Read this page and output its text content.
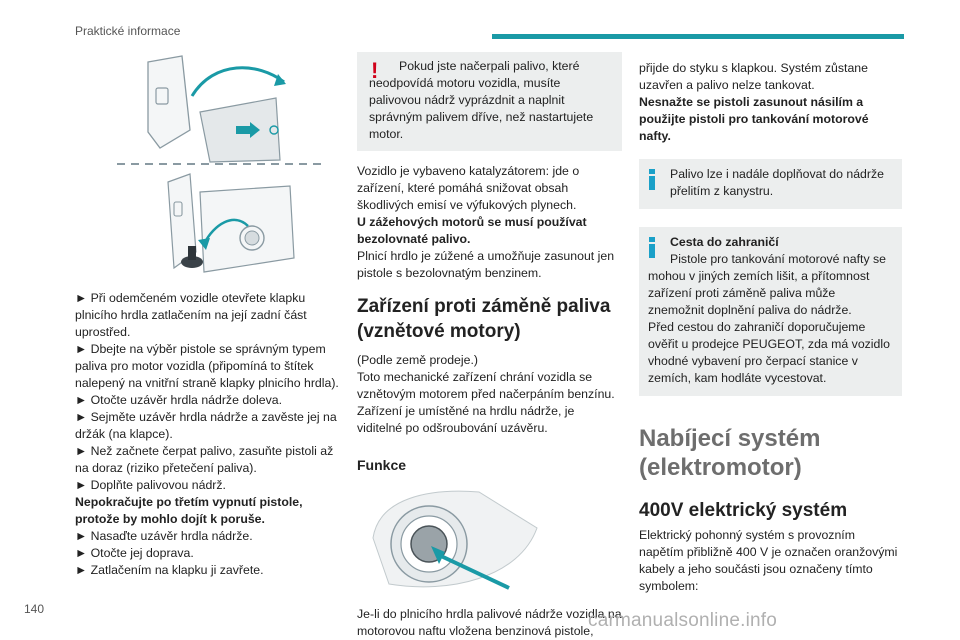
Praktické informace

► Při odemčeném vozidle otevřete klapku plnicího hrdla zatlačením na její zadní část uprostřed.

► Dbejte na výběr pistole se správným typem paliva pro motor vozidla (připomíná to štítek nalepený na vnitřní straně klapky plnicího hrdla).

► Otočte uzávěr hrdla nádrže doleva.

► Sejměte uzávěr hrdla nádrže a zavěste jej na držák (na klapce).

► Než začnete čerpat palivo, zasuňte pistoli až na doraz (riziko přetečení paliva).

► Doplňte palivovou nádrž.

Nepokračujte po třetím vypnutí pistole, protože by mohlo dojít k poruše.

► Nasaďte uzávěr hrdla nádrže.

► Otočte jej doprava.

► Zatlačením na klapku ji zavřete.

!	Pokud jste načerpali palivo, které neodpovídá motoru vozidla, musíte palivovou nádrž vyprázdnit a naplnit správným palivem dříve, než nastartujete motor.

Vozidlo je vybaveno katalyzátorem: jde o zařízení, které pomáhá snižovat obsah škodlivých emisí ve výfukových plynech.

U zážehových motorů se musí používat bezolovnaté palivo.

Plnicí hrdlo je zúžené a umožňuje zasunout jen pistole s bezolovnatým benzinem.

Zařízení proti záměně paliva (vznětové motory)

(Podle země prodeje.)
Toto mechanické zařízení chrání vozidla se vznětovým motorem před načerpáním benzínu. Zařízení je umístěné na hrdlu nádrže, je viditelné po odšroubování uzávěru.

Funkce

Je-li do plnicího hrdla palivové nádrže vozidla na motorovou naftu vložena benzinová pistole,

přijde do styku s klapkou. Systém zůstane uzavřen a palivo nelze tankovat.

Nesnažte se pistoli zasunout násilím a použijte pistoli pro tankování motorové nafty.

Palivo lze i nadále doplňovat do nádrže přelitím z kanystru.

Cesta do zahraničí

Pistole pro tankování motorové nafty se mohou v jiných zemích lišit, a přítomnost zařízení proti záměně paliva může znemožnit doplnění paliva do nádrže.
Před cestou do zahraničí doporučujeme ověřit u prodejce PEUGEOT, zda má vozidlo vhodné vybavení pro čerpací stanice v zemích, kam hodláte vycestovat.

Nabíjecí systém (elektromotor)
400V elektrický systém

Elektrický pohonný systém s provozním napětím přibližně 400 V je označen oranžovými kabely a jeho součásti jsou označeny tímto symbolem:

140
carmanualsonline.info
